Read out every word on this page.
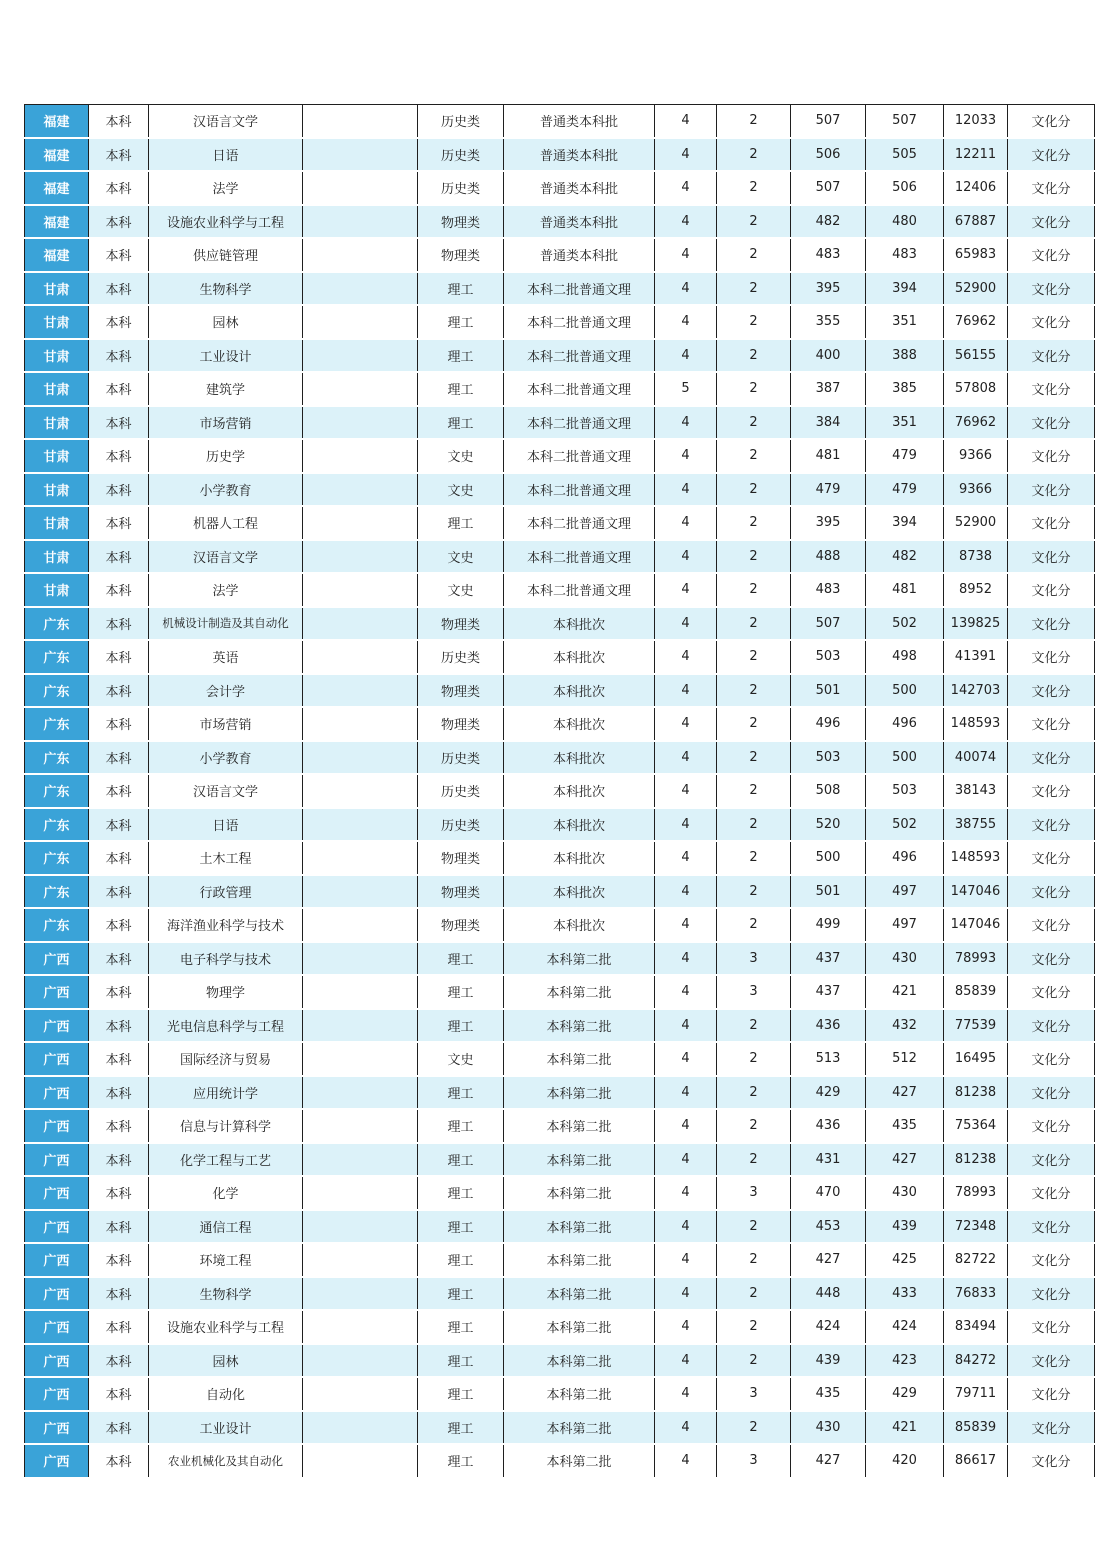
福建	本科	汉语言文学		历史类	普通类本科批	4	2	507	507	12033	文化分
福建	本科	日语		历史类	普通类本科批	4	2	506	505	12211	文化分
福建	本科	法学		历史类	普通类本科批	4	2	507	506	12406	文化分
福建	本科	设施农业科学与工程		物理类	普通类本科批	4	2	482	480	67887	文化分
福建	本科	供应链管理		物理类	普通类本科批	4	2	483	483	65983	文化分
甘肃	本科	生物科学		理工	本科二批普通文理	4	2	395	394	52900	文化分
甘肃	本科	园林		理工	本科二批普通文理	4	2	355	351	76962	文化分
甘肃	本科	工业设计		理工	本科二批普通文理	4	2	400	388	56155	文化分
甘肃	本科	建筑学		理工	本科二批普通文理	5	2	387	385	57808	文化分
甘肃	本科	市场营销		理工	本科二批普通文理	4	2	384	351	76962	文化分
甘肃	本科	历史学		文史	本科二批普通文理	4	2	481	479	9366	文化分
甘肃	本科	小学教育		文史	本科二批普通文理	4	2	479	479	9366	文化分
甘肃	本科	机器人工程		理工	本科二批普通文理	4	2	395	394	52900	文化分
甘肃	本科	汉语言文学		文史	本科二批普通文理	4	2	488	482	8738	文化分
甘肃	本科	法学		文史	本科二批普通文理	4	2	483	481	8952	文化分
广东	本科	机械设计制造及其自动化		物理类	本科批次	4	2	507	502	139825	文化分
广东	本科	英语		历史类	本科批次	4	2	503	498	41391	文化分
广东	本科	会计学		物理类	本科批次	4	2	501	500	142703	文化分
广东	本科	市场营销		物理类	本科批次	4	2	496	496	148593	文化分
广东	本科	小学教育		历史类	本科批次	4	2	503	500	40074	文化分
广东	本科	汉语言文学		历史类	本科批次	4	2	508	503	38143	文化分
广东	本科	日语		历史类	本科批次	4	2	520	502	38755	文化分
广东	本科	土木工程		物理类	本科批次	4	2	500	496	148593	文化分
广东	本科	行政管理		物理类	本科批次	4	2	501	497	147046	文化分
广东	本科	海洋渔业科学与技术		物理类	本科批次	4	2	499	497	147046	文化分
广西	本科	电子科学与技术		理工	本科第二批	4	3	437	430	78993	文化分
广西	本科	物理学		理工	本科第二批	4	3	437	421	85839	文化分
广西	本科	光电信息科学与工程		理工	本科第二批	4	2	436	432	77539	文化分
广西	本科	国际经济与贸易		文史	本科第二批	4	2	513	512	16495	文化分
广西	本科	应用统计学		理工	本科第二批	4	2	429	427	81238	文化分
广西	本科	信息与计算科学		理工	本科第二批	4	2	436	435	75364	文化分
广西	本科	化学工程与工艺		理工	本科第二批	4	2	431	427	81238	文化分
广西	本科	化学		理工	本科第二批	4	3	470	430	78993	文化分
广西	本科	通信工程		理工	本科第二批	4	2	453	439	72348	文化分
广西	本科	环境工程		理工	本科第二批	4	2	427	425	82722	文化分
广西	本科	生物科学		理工	本科第二批	4	2	448	433	76833	文化分
广西	本科	设施农业科学与工程		理工	本科第二批	4	2	424	424	83494	文化分
广西	本科	园林		理工	本科第二批	4	2	439	423	84272	文化分
广西	本科	自动化		理工	本科第二批	4	3	435	429	79711	文化分
广西	本科	工业设计		理工	本科第二批	4	2	430	421	85839	文化分
广西	本科	农业机械化及其自动化		理工	本科第二批	4	3	427	420	86617	文化分
